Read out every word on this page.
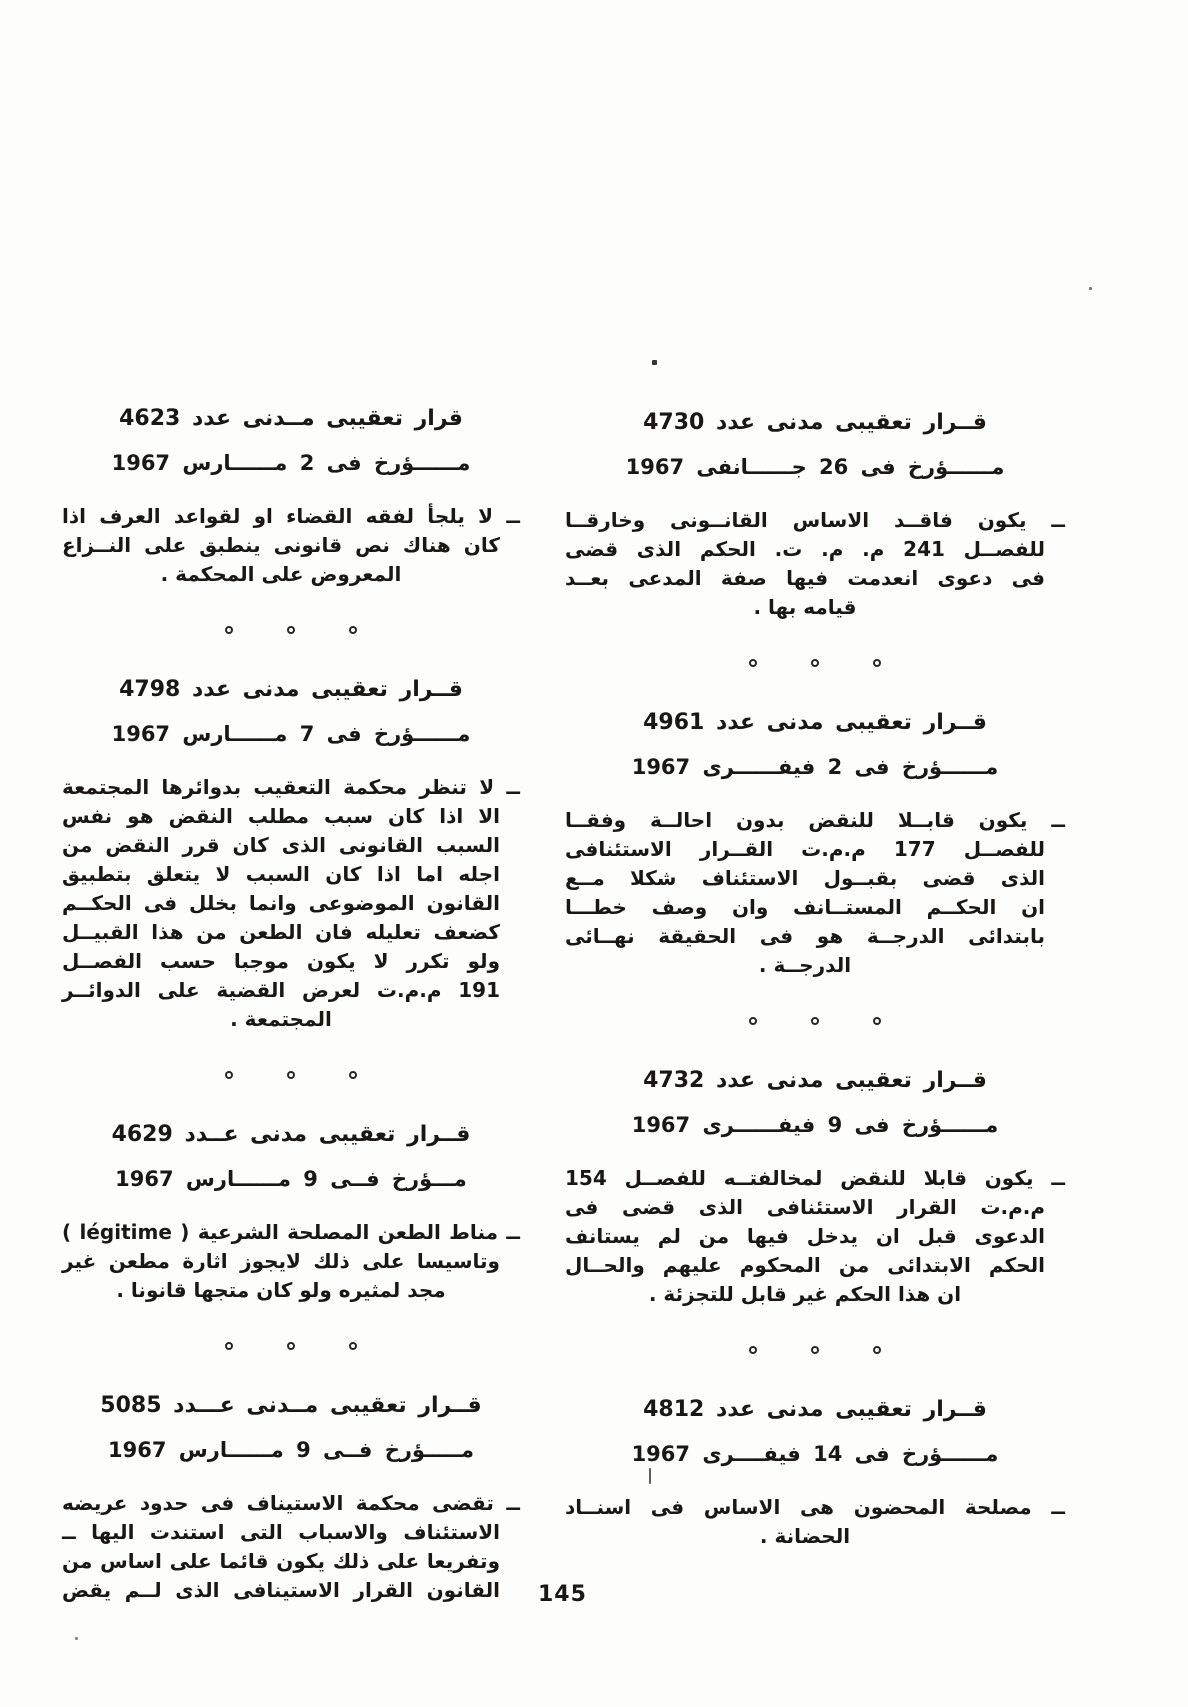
قــرار تعقيبى مدنى عدد 4730
مــــــؤرخ فى 26 جــــــانفى 1967
ــ يكون فاقــد الاساس القانــونى وخارقــا
للفصــل 241 م. م. ت. الحكم الذى قضى
فى دعوى انعدمت فيها صفة المدعى بعــد
قيامه بها .
قــرار تعقيبى مدنى عدد 4961
مــــــؤرخ فى 2 فيفــــــرى 1967
ــ يكون قابــلا للنقض بدون احالــة وفقــا
للفصــل 177 م.م.ت القــرار الاستئنافى
الذى قضى بقبــول الاستئناف شكلا مــع
ان الحكــم المستــانف وان وصف خطـــا
بابتدائى الدرجــة هو فى الحقيقة نهــائى
الدرجــة .
قــرار تعقيبى مدنى عدد 4732
مــــــؤرخ فى 9 فيفــــــرى 1967
ــ يكون قابلا للنقض لمخالفتــه للفصــل 154
م.م.ت القرار الاستئنافى الذى قضى فى
الدعوى قبل ان يدخل فيها من لم يستانف
الحكم الابتدائى من المحكوم عليهم والحــال
ان هذا الحكم غير قابل للتجزئة .
قــرار تعقيبى مدنى عدد 4812
مــــــؤرخ فى 14 فيفــــرى 1967
ــ مصلحة المحضون هى الاساس فى اسنــاد
الحضانة .
قرار تعقيبى مــدنى عدد 4623
مــــــؤرخ فى 2 مــــــارس 1967
ــ لا يلجأ لفقه القضاء او لقواعد العرف اذا
كان هناك نص قانونى ينطبق على النــزاع
المعروض على المحكمة .
قــرار تعقيبى مدنى عدد 4798
مــــــؤرخ فى 7 مــــــارس 1967
ــ لا تنظر محكمة التعقيب بدوائرها المجتمعة
الا اذا كان سبب مطلب النقض هو نفس
السبب القانونى الذى كان قرر النقض من
اجله اما اذا كان السبب لا يتعلق بتطبيق
القانون الموضوعى وانما بخلل فى الحكــم
كضعف تعليله فان الطعن من هذا القبيــل
ولو تكرر لا يكون موجبا حسب الفصــل
191 م.م.ت لعرض القضية على الدوائــر
المجتمعة .
قــرار تعقيبى مدنى عــدد 4629
مـــؤرخ فــى 9 مــــــارس 1967
ــ مناط الطعن المصلحة الشرعية ( légitime )
وتاسيسا على ذلك لايجوز اثارة مطعن غير
مجد لمثيره ولو كان متجها قانونا .
قــرار تعقيبى مــدنى عـــدد 5085
مـــــؤرخ فــى 9 مــــــارس 1967
ــ تقضى محكمة الاستيناف فى حدود عريضه
الاستئناف والاسباب التى استندت اليها ــ
وتفريعا على ذلك يكون قائما على اساس من
القانون القرار الاستينافى الذى لــم يقض	145
